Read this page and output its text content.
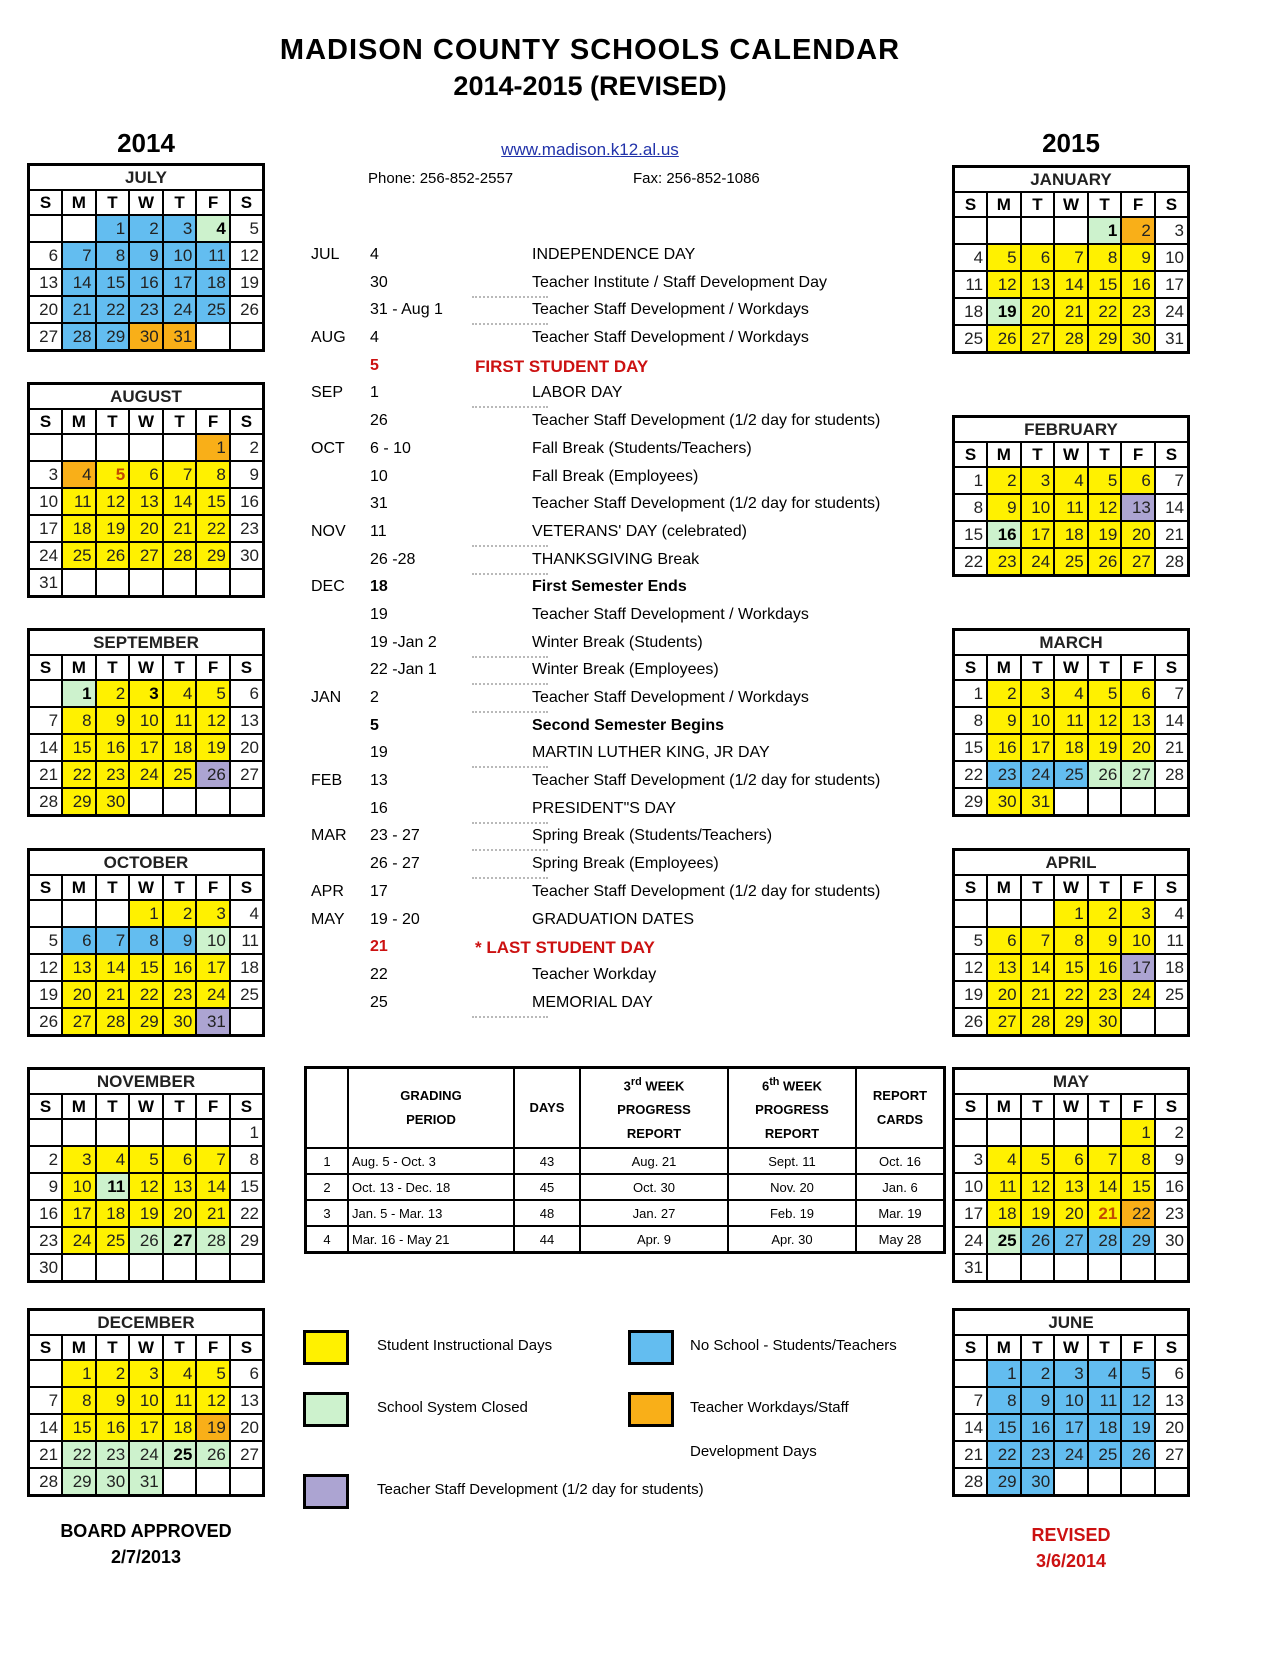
MADISON COUNTY SCHOOLS CALENDAR
2014-2015 (REVISED)
www.madison.k12.al.us
Phone: 256-852-2557	Fax: 256-852-1086
2014	2015
JUL 4	INDEPENDENCE DAY
30	Teacher Institute / Staff Development Day
31 - Aug 1	Teacher Staff Development / Workdays
AUG 4	Teacher Staff Development / Workdays
5	FIRST STUDENT DAY
SEP 1	LABOR DAY
26	Teacher Staff Development (1/2 day for students)
OCT 6 - 10	Fall Break (Students/Teachers)
10	Fall Break (Employees)
31	Teacher Staff Development (1/2 day for students)
NOV 11	VETERANS' DAY (celebrated)
26 -28	THANKSGIVING Break
DEC 18	First Semester Ends
19	Teacher Staff Development / Workdays
19 -Jan 2	Winter Break (Students)
22 -Jan 1	Winter Break (Employees)
JAN 2	Teacher Staff Development / Workdays
5	Second Semester Begins
19	MARTIN LUTHER KING, JR DAY
FEB 13	Teacher Staff Development (1/2 day for students)
16	PRESIDENT"S DAY
MAR 23 - 27	Spring Break (Students/Teachers)
26 - 27	Spring Break (Employees)
APR 17	Teacher Staff Development (1/2 day for students)
MAY 19 - 20	GRADUATION DATES
21	* LAST STUDENT DAY
22	Teacher Workday
25	MEMORIAL DAY

GRADING
PERIOD

DAYS

3rd WEEK
PROGRESS
REPORT

6th WEEK
PROGRESS
REPORT

REPORT
CARDS

1	Aug. 5 - Oct. 3	43	Aug. 21	Sept. 11	Oct. 16
2	Oct. 13 - Dec. 18	45	Oct. 30	Nov. 20	Jan. 6
3	Jan. 5 - Mar. 13	48	Jan. 27	Feb. 19	Mar. 19
4	Mar. 16 - May 21	44	Apr. 9	Apr. 30	May 28
BOARD APPROVED
2/7/2013
REVISED
3/6/2014
JULY						
S	M	T	W	T	F	S
		1	2	3	4	5
6	7	8	9	10	11	12
13	14	15	16	17	18	19
20	21	22	23	24	25	26
27	28	29	30	31		
AUGUST						
S	M	T	W	T	F	S
					1	2
3	4	5	6	7	8	9
10	11	12	13	14	15	16
17	18	19	20	21	22	23
24	25	26	27	28	29	30
31						
SEPTEMBER						
S	M	T	W	T	F	S
	1	2	3	4	5	6
7	8	9	10	11	12	13
14	15	16	17	18	19	20
21	22	23	24	25	26	27
28	29	30				
OCTOBER						
S	M	T	W	T	F	S
			1	2	3	4
5	6	7	8	9	10	11
12	13	14	15	16	17	18
19	20	21	22	23	24	25
26	27	28	29	30	31	
NOVEMBER						
S	M	T	W	T	F	S
						1
2	3	4	5	6	7	8
9	10	11	12	13	14	15
16	17	18	19	20	21	22
23	24	25	26	27	28	29
30						
DECEMBER						
S	M	T	W	T	F	S
	1	2	3	4	5	6
7	8	9	10	11	12	13
14	15	16	17	18	19	20
21	22	23	24	25	26	27
28	29	30	31			
JANUARY						
S	M	T	W	T	F	S
				1	2	3
4	5	6	7	8	9	10
11	12	13	14	15	16	17
18	19	20	21	22	23	24
25	26	27	28	29	30	31
FEBRUARY						
S	M	T	W	T	F	S
1	2	3	4	5	6	7
8	9	10	11	12	13	14
15	16	17	18	19	20	21
22	23	24	25	26	27	28
MARCH						
S	M	T	W	T	F	S
1	2	3	4	5	6	7
8	9	10	11	12	13	14
15	16	17	18	19	20	21
22	23	24	25	26	27	28
29	30	31				
APRIL						
S	M	T	W	T	F	S
			1	2	3	4
5	6	7	8	9	10	11
12	13	14	15	16	17	18
19	20	21	22	23	24	25
26	27	28	29	30		
MAY						
S	M	T	W	T	F	S
					1	2
3	4	5	6	7	8	9
10	11	12	13	14	15	16
17	18	19	20	21	22	23
24	25	26	27	28	29	30
31						
JUNE						
S	M	T	W	T	F	S
	1	2	3	4	5	6
7	8	9	10	11	12	13
14	15	16	17	18	19	20
21	22	23	24	25	26	27
28	29	30				
Student Instructional Days	No School - Students/Teachers
School System Closed	Teacher Workdays/Staff
Development Days
Teacher Staff Development (1/2 day for students)
